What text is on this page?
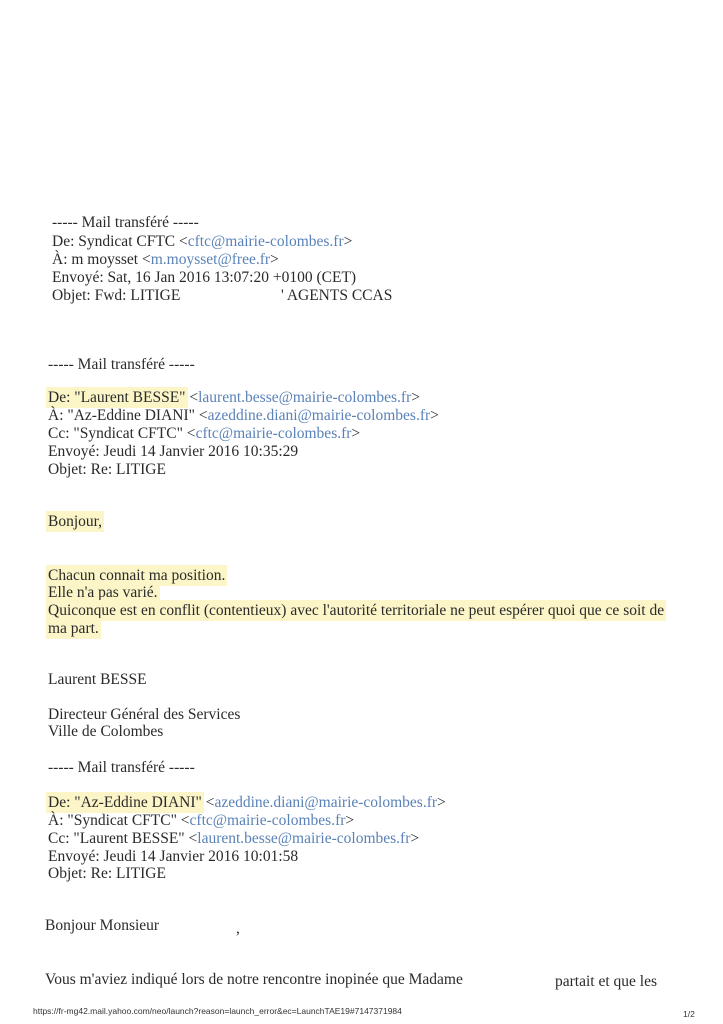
----- Mail transféré -----
De: Syndicat CFTC <cftc@mairie-colombes.fr>
À: m moysset <m.moysset@free.fr>
Envoyé: Sat, 16 Jan 2016 13:07:20 +0100 (CET)
Objet: Fwd: LITIGE	' AGENTS CCAS
----- Mail transféré -----
De: "Laurent BESSE" <laurent.besse@mairie-colombes.fr>
À: "Az-Eddine DIANI" <azeddine.diani@mairie-colombes.fr>
Cc: "Syndicat CFTC" <cftc@mairie-colombes.fr>
Envoyé: Jeudi 14 Janvier 2016 10:35:29
Objet: Re: LITIGE
Bonjour,
Chacun connait ma position.
Elle n'a pas varié.
Quiconque est en conflit (contentieux) avec l'autorité territoriale ne peut espérer quoi que ce soit de
ma part.
Laurent BESSE
Directeur Général des Services
Ville de Colombes
----- Mail transféré -----
De: "Az-Eddine DIANI" <azeddine.diani@mairie-colombes.fr>
À: "Syndicat CFTC" <cftc@mairie-colombes.fr>
Cc: "Laurent BESSE" <laurent.besse@mairie-colombes.fr>
Envoyé: Jeudi 14 Janvier 2016 10:01:58
Objet: Re: LITIGE
Bonjour Monsieur	,
Vous m'aviez indiqué lors de notre rencontre inopinée que Madame	partait et que les
https://fr-mg42.mail.yahoo.com/neo/launch?reason=launch_error&ec=LaunchTAE19#7147371984	1/2
